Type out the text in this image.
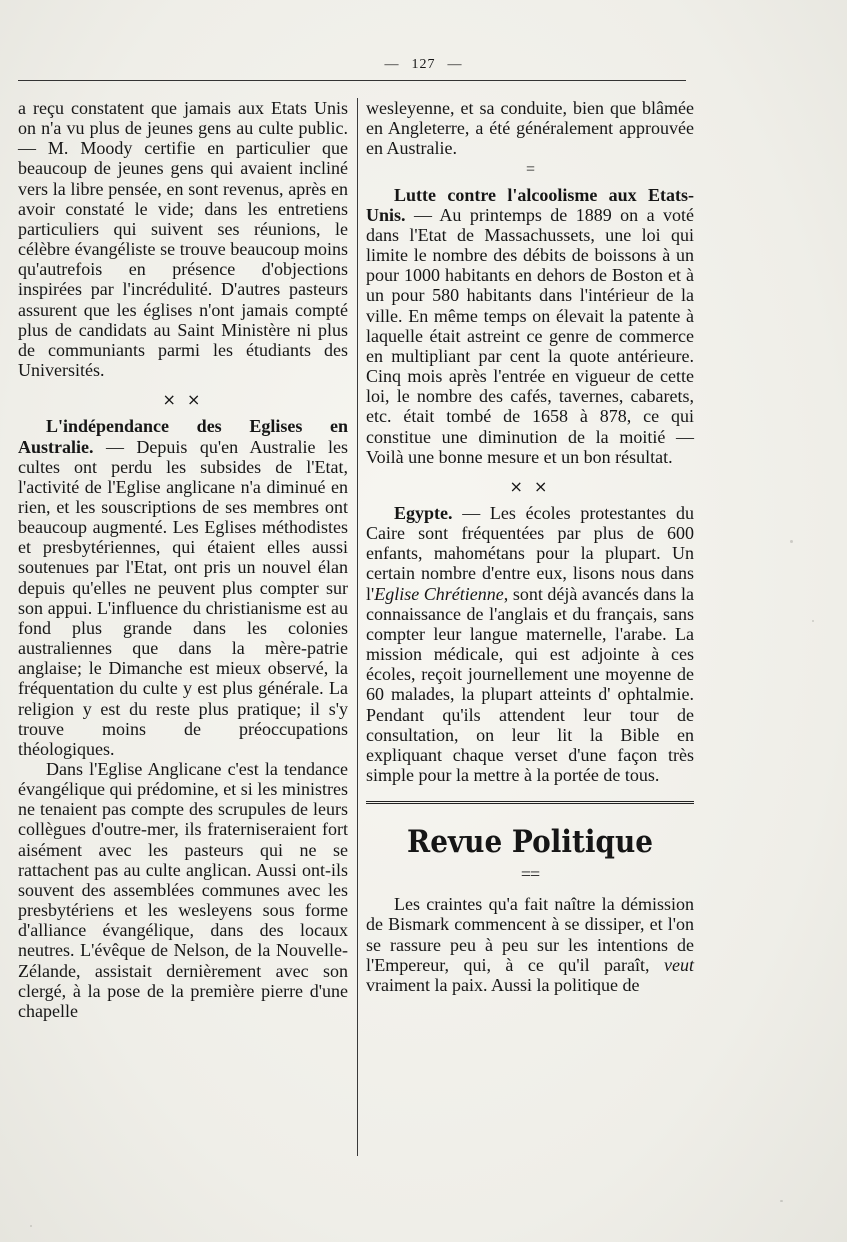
— 127 —

a reçu constatent que jamais aux Etats Unis on n'a vu plus de jeunes gens au culte public. — M. Moody certifie en particulier que beaucoup de jeunes gens qui avaient incliné vers la libre pensée, en sont revenus, après en avoir constaté le vide; dans les entretiens particuliers qui suivent ses réunions, le célèbre évangéliste se trouve beaucoup moins qu'autrefois en présence d'objections inspirées par l'incrédulité. D'autres pasteurs assurent que les églises n'ont jamais compté plus de candidats au Saint Ministère ni plus de communiants parmi les étudiants des Universités.

× ×

L'indépendance des Eglises en Australie. — Depuis qu'en Australie les cultes ont perdu les subsides de l'Etat, l'activité de l'Eglise anglicane n'a diminué en rien, et les souscriptions de ses membres ont beaucoup augmenté. Les Eglises méthodistes et presbytériennes, qui étaient elles aussi soutenues par l'Etat, ont pris un nouvel élan depuis qu'elles ne peuvent plus compter sur son appui. L'influence du christianisme est au fond plus grande dans les colonies australiennes que dans la mère-patrie anglaise; le Dimanche est mieux observé, la fréquentation du culte y est plus générale. La religion y est du reste plus pratique; il s'y trouve moins de préoccupations théologiques.

Dans l'Eglise Anglicane c'est la tendance évangélique qui prédomine, et si les ministres ne tenaient pas compte des scrupules de leurs collègues d'outre-mer, ils fraterniseraient fort aisément avec les pasteurs qui ne se rattachent pas au culte anglican. Aussi ont-ils souvent des assemblées communes avec les presbytériens et les wesleyens sous forme d'alliance évangélique, dans des locaux neutres. L'évêque de Nelson, de la Nouvelle-Zélande, assistait dernièrement avec son clergé, à la pose de la première pierre d'une chapelle

wesleyenne, et sa conduite, bien que blâmée en Angleterre, a été généralement approuvée en Australie.

=

Lutte contre l'alcoolisme aux Etats-Unis. — Au printemps de 1889 on a voté dans l'Etat de Massachussets, une loi qui limite le nombre des débits de boissons à un pour 1000 habitants en dehors de Boston et à un pour 580 habitants dans l'intérieur de la ville. En même temps on élevait la patente à laquelle était astreint ce genre de commerce en multipliant par cent la quote antérieure. Cinq mois après l'entrée en vigueur de cette loi, le nombre des cafés, tavernes, cabarets, etc. était tombé de 1658 à 878, ce qui constitue une diminution de la moitié — Voilà une bonne mesure et un bon résultat.

× ×

Egypte. — Les écoles protestantes du Caire sont fréquentées par plus de 600 enfants, mahométans pour la plupart. Un certain nombre d'entre eux, lisons nous dans l'Eglise Chrétienne, sont déjà avancés dans la connaissance de l'anglais et du français, sans compter leur langue maternelle, l'arabe. La mission médicale, qui est adjointe à ces écoles, reçoit journellement une moyenne de 60 malades, la plupart atteints d' ophtalmie. Pendant qu'ils attendent leur tour de consultation, on leur lit la Bible en expliquant chaque verset d'une façon très simple pour la mettre à la portée de tous.

Revue Politique
==

Les craintes qu'a fait naître la démission de Bismark commencent à se dissiper, et l'on se rassure peu à peu sur les intentions de l'Empereur, qui, à ce qu'il paraît, veut vraiment la paix. Aussi la politique de
